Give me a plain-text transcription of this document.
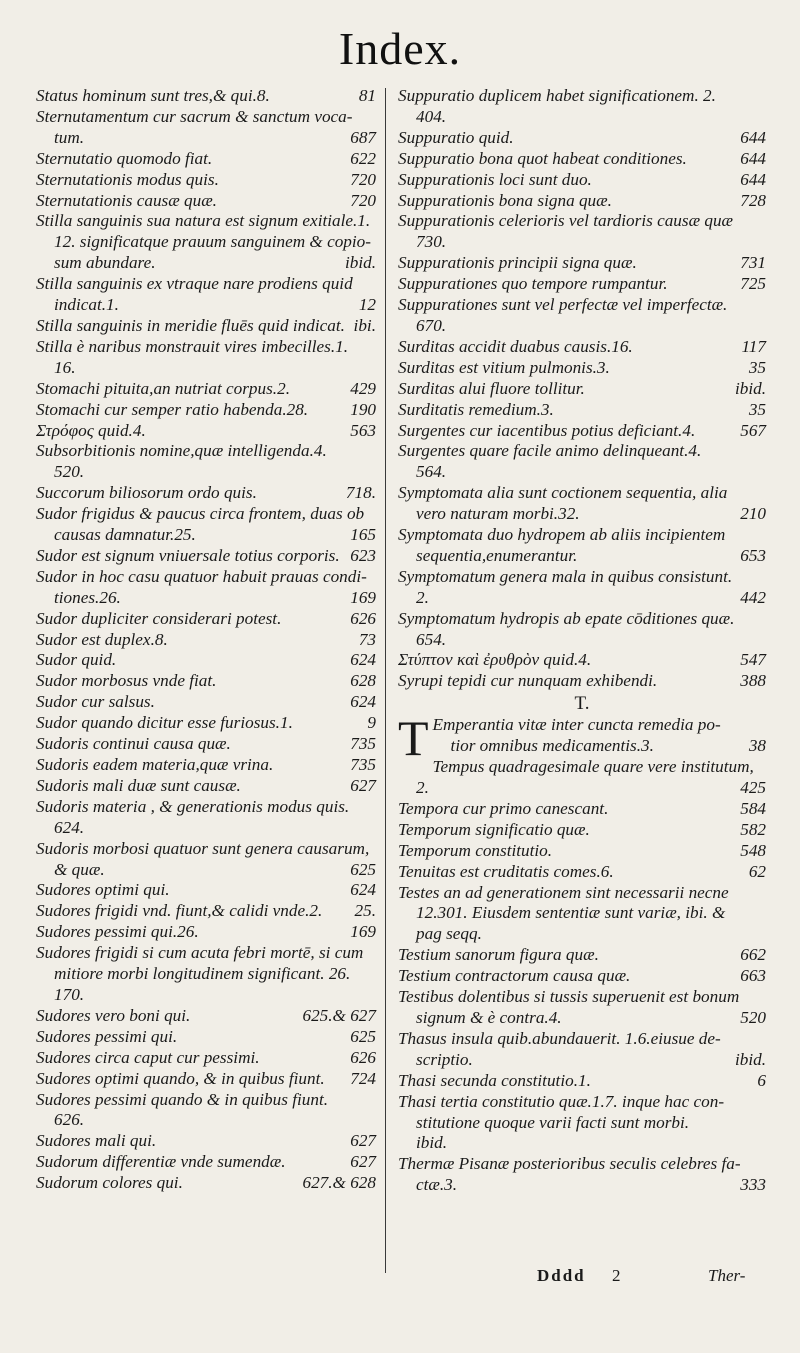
Index.
Status hominum sunt tres,& qui.8.	81
Sternutamentum cur sacrum & sanctum voca-
tum.	687
Sternutatio quomodo fiat.	622
Sternutationis modus quis.	720
Sternutationis causæ quæ.	720
Stilla sanguinis sua natura est signum exitiale.1.
12. significatque prauum sanguinem & copio-
sum abundare.	ibid.
Stilla sanguinis ex vtraque nare prodiens quid
indicat.1.	12
Stilla sanguinis in meridie fluēs quid indicat. ibi.
Stilla è naribus monstrauit vires imbecilles.1.
16.
Stomachi pituita,an nutriat corpus.2.	429
Stomachi cur semper ratio habenda.28. 190
Στρόφος quid.4.	563
Subsorbitionis nomine,quæ intelligenda.4.
520.
Succorum biliosorum ordo quis.	718.
Sudor frigidus & paucus circa frontem, duas ob
causas damnatur.25.	165
Sudor est signum vniuersale totius corporis. 623
Sudor in hoc casu quatuor habuit prauas condi-
tiones.26.	169
Sudor dupliciter considerari potest.	626
Sudor est duplex.8.	73
Sudor quid.	624
Sudor morbosus vnde fiat.	628
Sudor cur salsus.	624
Sudor quando dicitur esse furiosus.1.	9
Sudoris continui causa quæ.	735
Sudoris eadem materia,quæ vrina.	735
Sudoris mali duæ sunt causæ.	627
Sudoris materia , & generationis modus quis.
624.
Sudoris morbosi quatuor sunt genera causarum,
& quæ.	625
Sudores optimi qui.	624
Sudores frigidi vnd. fiunt,& calidi vnde.2. 25.
Sudores pessimi qui.26.	169
Sudores frigidi si cum acuta febri mortē, si cum
mitiore morbi longitudinem significant. 26.
170.
Sudores vero boni qui.	625.& 627
Sudores pessimi qui.	625
Sudores circa caput cur pessimi.	626
Sudores optimi quando, & in quibus fiunt. 724
Sudores pessimi quando & in quibus fiunt.
626.
Sudores mali qui.	627
Sudorum differentiæ vnde sumendæ.	627
Sudorum colores qui.	627.& 628
Suppuratio duplicem habet significationem. 2.
404.
Suppuratio quid.	644
Suppuratio bona quot habeat conditiones.	644
Suppurationis loci sunt duo.	644
Suppurationis bona signa quæ.	728
Suppurationis celerioris vel tardioris causæ quæ
730.
Suppurationis principii signa quæ.	731
Suppurationes quo tempore rumpantur.	725
Suppurationes sunt vel perfectæ vel imperfectæ.
670.
Surditas accidit duabus causis.16.	117
Surditas est vitium pulmonis.3.	35
Surditas alui fluore tollitur.	ibid.
Surditatis remedium.3.	35
Surgentes cur iacentibus potius deficiant.4.	567
Surgentes quare facile animo delinqueant.4.
564.
Symptomata alia sunt coctionem sequentia, alia
vero naturam morbi.32.	210
Symptomata duo hydropem ab aliis incipientem
sequentia,enumerantur.	653
Symptomatum genera mala in quibus consistunt.
2.	442
Symptomatum hydropis ab epate cōditiones quæ.
654.
Στύπτον καὶ ἐρυθρὸν quid.4.	547
Syrupi tepidi cur nunquam exhibendi.	388
T.
T Emperantia vitæ inter cuncta remedia po-
tior omnibus medicamentis.3.	38
Tempus quadragesimale quare vere institutum,
2.	425
Tempora cur primo canescant.	584
Temporum significatio quæ.	582
Temporum constitutio.	548
Tenuitas est cruditatis comes.6.	62
Testes an ad generationem sint necessarii necne
12.301. Eiusdem sententiæ sunt variæ, ibi. &
pag seqq.
Testium sanorum figura quæ.	662
Testium contractorum causa quæ.	663
Testibus dolentibus si tussis superuenit est bonum
signum & è contra.4.	520
Thasus insula quib.abundauerit. 1.6.eiusue de-
scriptio.	ibid.
Thasi secunda constitutio.1.	6
Thasi tertia constitutio quæ.1.7. inque hac con-
stitutione quoque varii facti sunt morbi.
ibid.
Thermæ Pisanæ posterioribus seculis celebres fa-
ctæ.3.	333
Dddd 2	Ther-
